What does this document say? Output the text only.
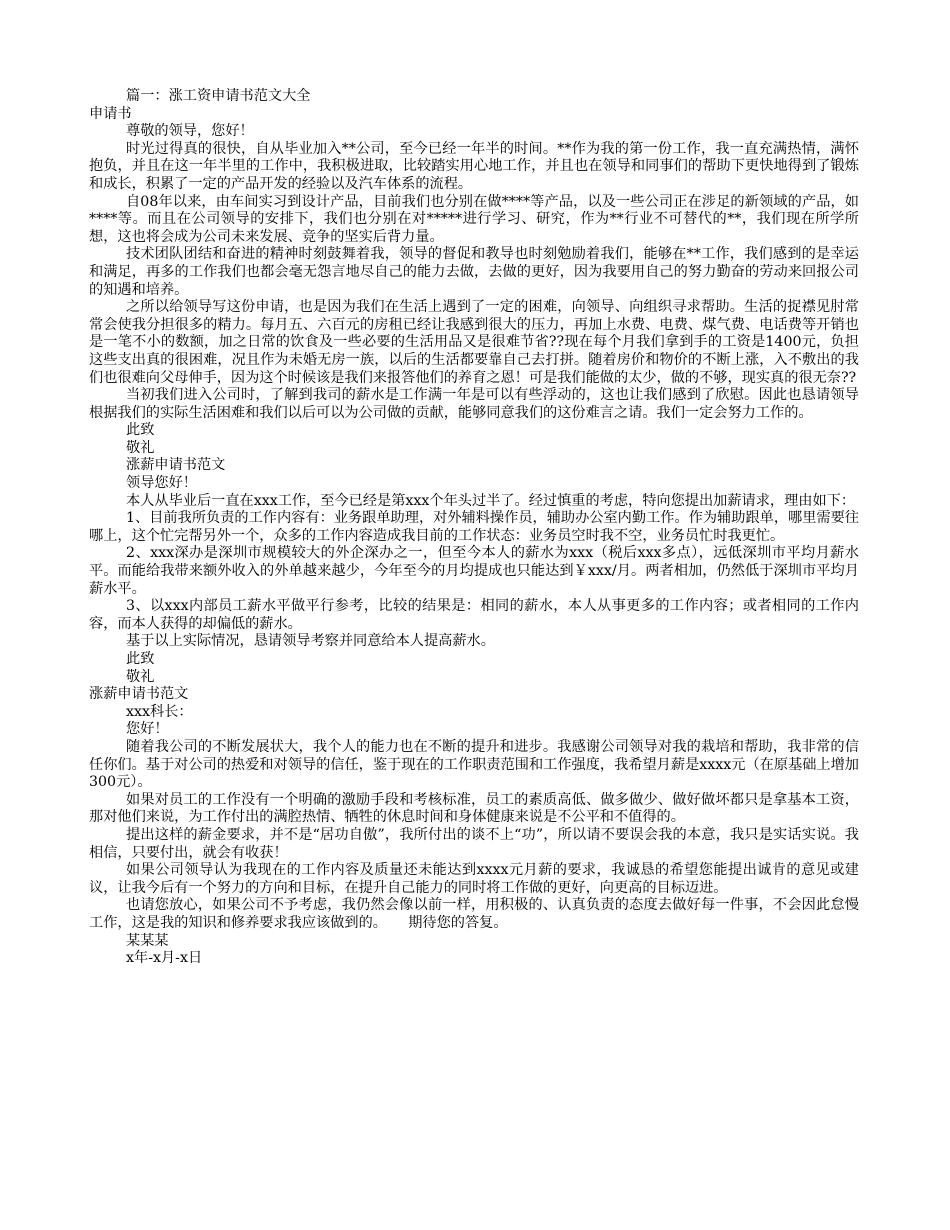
篇一：涨工资申请书范文大全

申请书

尊敬的领导，您好！

时光过得真的很快，自从毕业加入**公司，至今已经一年半的时间。**作为我的第一份工作，我一直充满热情，满怀抱负，并且在这一年半里的工作中，我积极进取，比较踏实用心地工作，并且也在领导和同事们的帮助下更快地得到了锻炼和成长，积累了一定的产品开发的经验以及汽车体系的流程。

自08年以来，由车间实习到设计产品，目前我们也分别在做****等产品，以及一些公司正在涉足的新领域的产品，如****等。而且在公司领导的安排下，我们也分别在对*****进行学习、研究，作为**行业不可替代的**，我们现在所学所想，这也将会成为公司未来发展、竞争的坚实后背力量。

技术团队团结和奋进的精神时刻鼓舞着我，领导的督促和教导也时刻勉励着我们，能够在**工作，我们感到的是幸运和满足，再多的工作我们也都会毫无怨言地尽自己的能力去做，去做的更好，因为我要用自己的努力勤奋的劳动来回报公司的知遇和培养。

之所以给领导写这份申请，也是因为我们在生活上遇到了一定的困难，向领导、向组织寻求帮助。生活的捉襟见肘常常会使我分担很多的精力。每月五、六百元的房租已经让我感到很大的压力，再加上水费、电费、煤气费、电话费等开销也是一笔不小的数额，加之日常的饮食及一些必要的生活用品又是很难节省??现在每个月我们拿到手的工资是1400元，负担这些支出真的很困难，况且作为未婚无房一族，以后的生活都要靠自己去打拼。随着房价和物价的不断上涨，入不敷出的我们也很难向父母伸手，因为这个时候该是我们来报答他们的养育之恩！可是我们能做的太少，做的不够，现实真的很无奈??

当初我们进入公司时，了解到我司的薪水是工作满一年是可以有些浮动的，这也让我们感到了欣慰。因此也恳请领导根据我们的实际生活困难和我们以后可以为公司做的贡献，能够同意我们的这份难言之请。我们一定会努力工作的。

此致

敬礼

涨薪申请书范文

领导您好！

本人从毕业后一直在xxx工作，至今已经是第xxx个年头过半了。经过慎重的考虑，特向您提出加薪请求，理由如下：

1、目前我所负责的工作内容有：业务跟单助理，对外辅料操作员，辅助办公室内勤工作。作为辅助跟单，哪里需要往哪上，这个忙完帮另外一个，众多的工作内容造成我目前的工作状态：业务员空时我不空，业务员忙时我更忙。

2、xxx深办是深圳市规模较大的外企深办之一，但至今本人的薪水为xxx（税后xxx多点），远低深圳市平均月薪水平。而能给我带来额外收入的外单越来越少，今年至今的月均提成也只能达到￥xxx/月。两者相加，仍然低于深圳市平均月薪水平。

3、以xxx内部员工薪水平做平行参考，比较的结果是：相同的薪水，本人从事更多的工作内容；或者相同的工作内容，而本人获得的却偏低的薪水。

基于以上实际情况，恳请领导考察并同意给本人提高薪水。

此致

敬礼

涨薪申请书范文

xxx科长：

您好！

随着我公司的不断发展状大，我个人的能力也在不断的提升和进步。我感谢公司领导对我的栽培和帮助，我非常的信任你们。基于对公司的热爱和对领导的信任，鉴于现在的工作职责范围和工作强度，我希望月薪是xxxx元（在原基础上增加300元）。

如果对员工的工作没有一个明确的激励手段和考核标准，员工的素质高低、做多做少、做好做坏都只是拿基本工资，那对他们来说，为工作付出的满腔热情、牺牲的休息时间和身体健康来说是不公平和不值得的。

提出这样的薪金要求，并不是“居功自傲”，我所付出的谈不上“功”，所以请不要误会我的本意，我只是实话实说。我相信，只要付出，就会有收获！

如果公司领导认为我现在的工作内容及质量还未能达到xxxx元月薪的要求，我诚恳的希望您能提出诚肯的意见或建议，让我今后有一个努力的方向和目标，在提升自己能力的同时将工作做的更好，向更高的目标迈进。

也请您放心，如果公司不予考虑，我仍然会像以前一样，用积极的、认真负责的态度去做好每一件事，不会因此怠慢工作，这是我的知识和修养要求我应该做到的。　　期待您的答复。

某某某

x年-x月-x日
